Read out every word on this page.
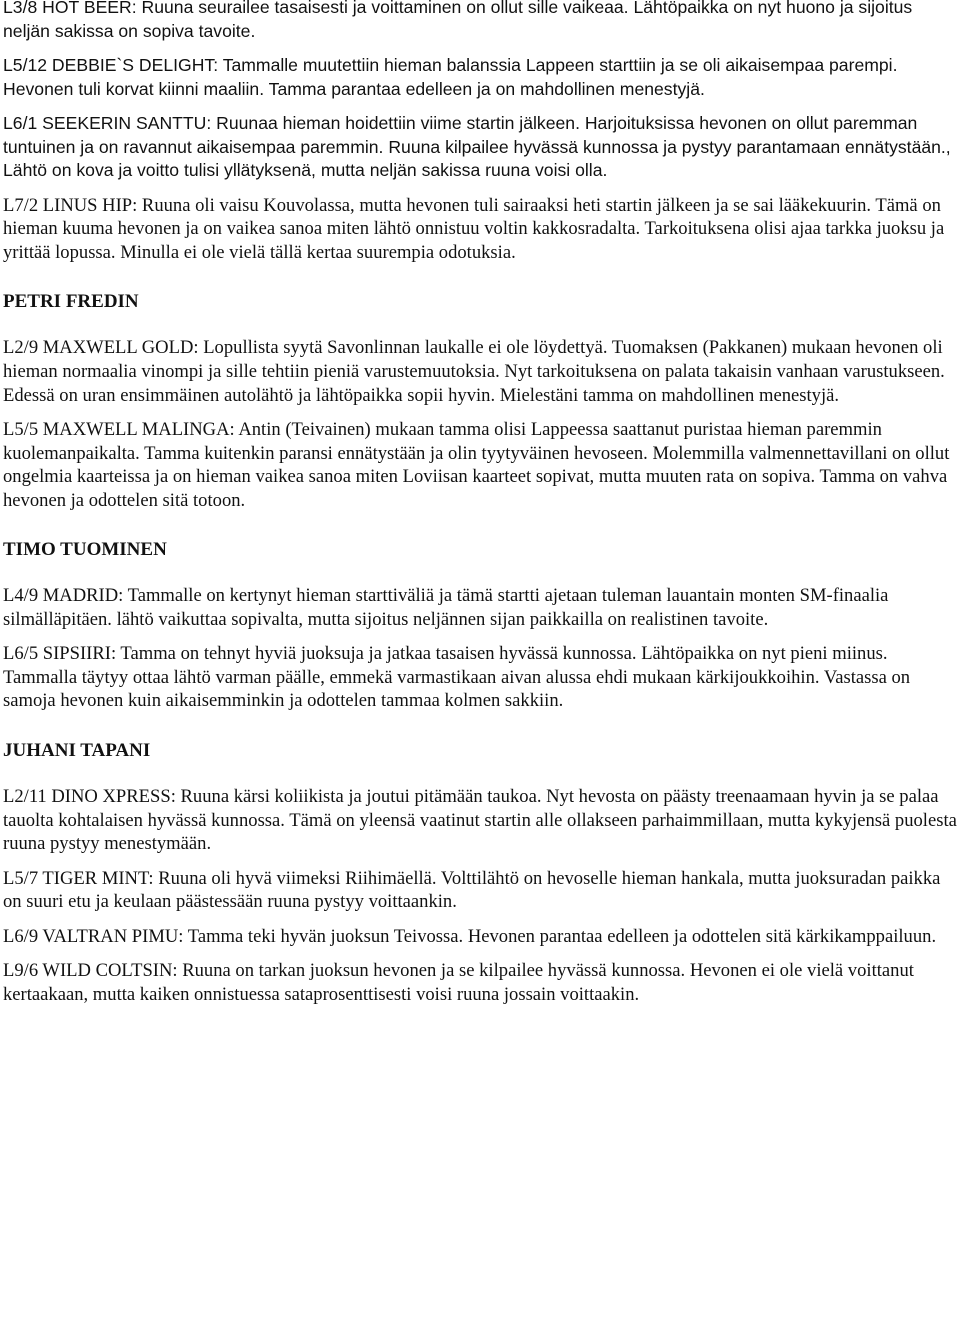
L3/8 HOT BEER: Ruuna seurailee tasaisesti ja voittaminen on ollut sille vaikeaa. Lähtöpaikka on nyt huono ja sijoitus neljän sakissa on sopiva tavoite.

L5/12 DEBBIE`S DELIGHT: Tammalle muutettiin hieman balanssia Lappeen starttiin ja se oli aikaisempaa parempi. Hevonen tuli korvat kiinni maaliin. Tamma parantaa edelleen ja on mahdollinen menestyjä.

L6/1 SEEKERIN SANTTU: Ruunaa hieman hoidettiin viime startin jälkeen. Harjoituksissa hevonen on ollut paremman tuntuinen ja on ravannut aikaisempaa paremmin. Ruuna kilpailee hyvässä kunnossa ja pystyy parantamaan ennätystään., Lähtö on kova ja voitto tulisi yllätyksenä, mutta neljän sakissa ruuna voisi olla.

L7/2 LINUS HIP: Ruuna oli vaisu Kouvolassa, mutta hevonen tuli sairaaksi heti startin jälkeen ja se sai lääkekuurin. Tämä on hieman kuuma hevonen ja on vaikea sanoa miten lähtö onnistuu voltin kakkosradalta. Tarkoituksena olisi ajaa tarkka juoksu ja yrittää lopussa. Minulla ei ole vielä tällä kertaa suurempia odotuksia.

PETRI FREDIN

L2/9 MAXWELL GOLD: Lopullista syytä Savonlinnan laukalle ei ole löydettyä. Tuomaksen (Pakkanen) mukaan hevonen oli hieman normaalia vinompi ja sille tehtiin pieniä varustemuutoksia. Nyt tarkoituksena on palata takaisin vanhaan varustukseen. Edessä on uran ensimmäinen autolähtö ja lähtöpaikka sopii hyvin. Mielestäni tamma on mahdollinen menestyjä.

L5/5 MAXWELL MALINGA: Antin (Teivainen) mukaan tamma olisi Lappeessa saattanut puristaa hieman paremmin kuolemanpaikalta. Tamma kuitenkin paransi ennätystään ja olin tyytyväinen hevoseen. Molemmilla valmennettavillani on ollut ongelmia kaarteissa ja on hieman vaikea sanoa miten Loviisan kaarteet sopivat, mutta muuten rata on sopiva. Tamma on vahva hevonen ja odottelen sitä totoon.

TIMO TUOMINEN

L4/9 MADRID: Tammalle on kertynyt hieman starttiväliä ja tämä startti ajetaan tuleman lauantain monten SM-finaalia silmälläpitäen. lähtö vaikuttaa sopivalta, mutta sijoitus neljännen sijan paikkailla on realistinen tavoite.

L6/5 SIPSIIRI: Tamma on tehnyt hyviä juoksuja ja jatkaa tasaisen hyvässä kunnossa. Lähtöpaikka on nyt pieni miinus. Tammalla täytyy ottaa lähtö varman päälle, emmekä varmastikaan aivan alussa ehdi mukaan kärkijoukkoihin. Vastassa on samoja hevonen kuin aikaisemminkin ja odottelen tammaa kolmen sakkiin.

JUHANI TAPANI

L2/11 DINO XPRESS: Ruuna kärsi koliikista ja joutui pitämään taukoa. Nyt hevosta on päästy treenaamaan hyvin ja se palaa tauolta kohtalaisen hyvässä kunnossa. Tämä on yleensä vaatinut startin alle ollakseen parhaimmillaan, mutta kykyjensä puolesta ruuna pystyy menestymään.

L5/7 TIGER MINT: Ruuna oli hyvä viimeksi Riihimäellä. Volttilähtö on hevoselle hieman hankala, mutta juoksuradan paikka on suuri etu ja keulaan päästessään ruuna pystyy voittaankin.

L6/9 VALTRAN PIMU: Tamma teki hyvän juoksun Teivossa. Hevonen parantaa edelleen ja odottelen sitä kärkikamppailuun.

L9/6 WILD COLTSIN: Ruuna on tarkan juoksun hevonen ja se kilpailee hyvässä kunnossa. Hevonen ei ole vielä voittanut kertaakaan, mutta kaiken onnistuessa sataprosenttisesti voisi ruuna jossain voittaakin.
